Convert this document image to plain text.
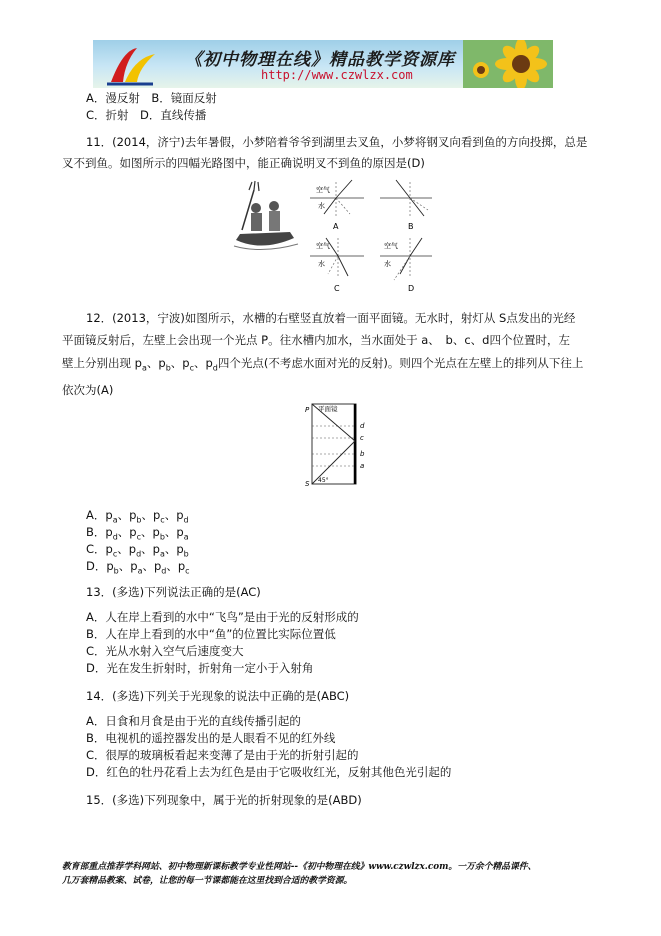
《初中物理在线》精品教学资源库
http://www.czwlzx.com
A．漫反射　B．镜面反射
C．折射　D．直线传播
11．(2014，济宁)去年暑假，小梦陪着爷爷到湖里去叉鱼，小梦将钢叉向看到鱼的方向投掷，总是
叉不到鱼。如图所示的四幅光路图中，能正确说明叉不到鱼的原因是(D)
空气
水
A	B
空气
水
C
空气
水
D
12．(2013，宁波)如图所示，水槽的右壁竖直放着一面平面镜。无水时，射灯从 S点发出的光经
平面镜反射后，左壁上会出现一个光点 P。往水槽内加水，当水面处于 a、　b、c、d四个位置时，左
壁上分别出现 $p_a$、$p_b$、$p_c$、$p_d$四个光点(不考虑水面对光的反射)。则四个光点在左壁上的排列从下往上
依次为(A)
P 平面镜
S 45°
d
c
b
a
A．$p_a$、$p_b$、$p_c$、$p_d$
B．$p_d$、$p_c$、$p_b$、$p_a$
C．$p_c$、$p_d$、$p_a$、$p_b$
D．$p_b$、$p_a$、$p_d$、$p_c$
13．(多选)下列说法正确的是(AC)
A．人在岸上看到的水中“飞鸟”是由于光的反射形成的
B．人在岸上看到的水中“鱼”的位置比实际位置低
C．光从水射入空气后速度变大
D．光在发生折射时，折射角一定小于入射角
14．(多选)下列关于光现象的说法中正确的是(ABC)
A．日食和月食是由于光的直线传播引起的
B．电视机的遥控器发出的是人眼看不见的红外线
C．很厚的玻璃板看起来变薄了是由于光的折射引起的
D．红色的牡丹花看上去为红色是由于它吸收红光，反射其他色光引起的
15．(多选)下列现象中，属于光的折射现象的是(ABD)
教育部重点推荐学科网站、初中物理新课标教学专业性网站--《初中物理在线》www.czwlzx.com。一万余个精品课件、
几万套精品教案、试卷，让您的每一节课都能在这里找到合适的教学资源。
